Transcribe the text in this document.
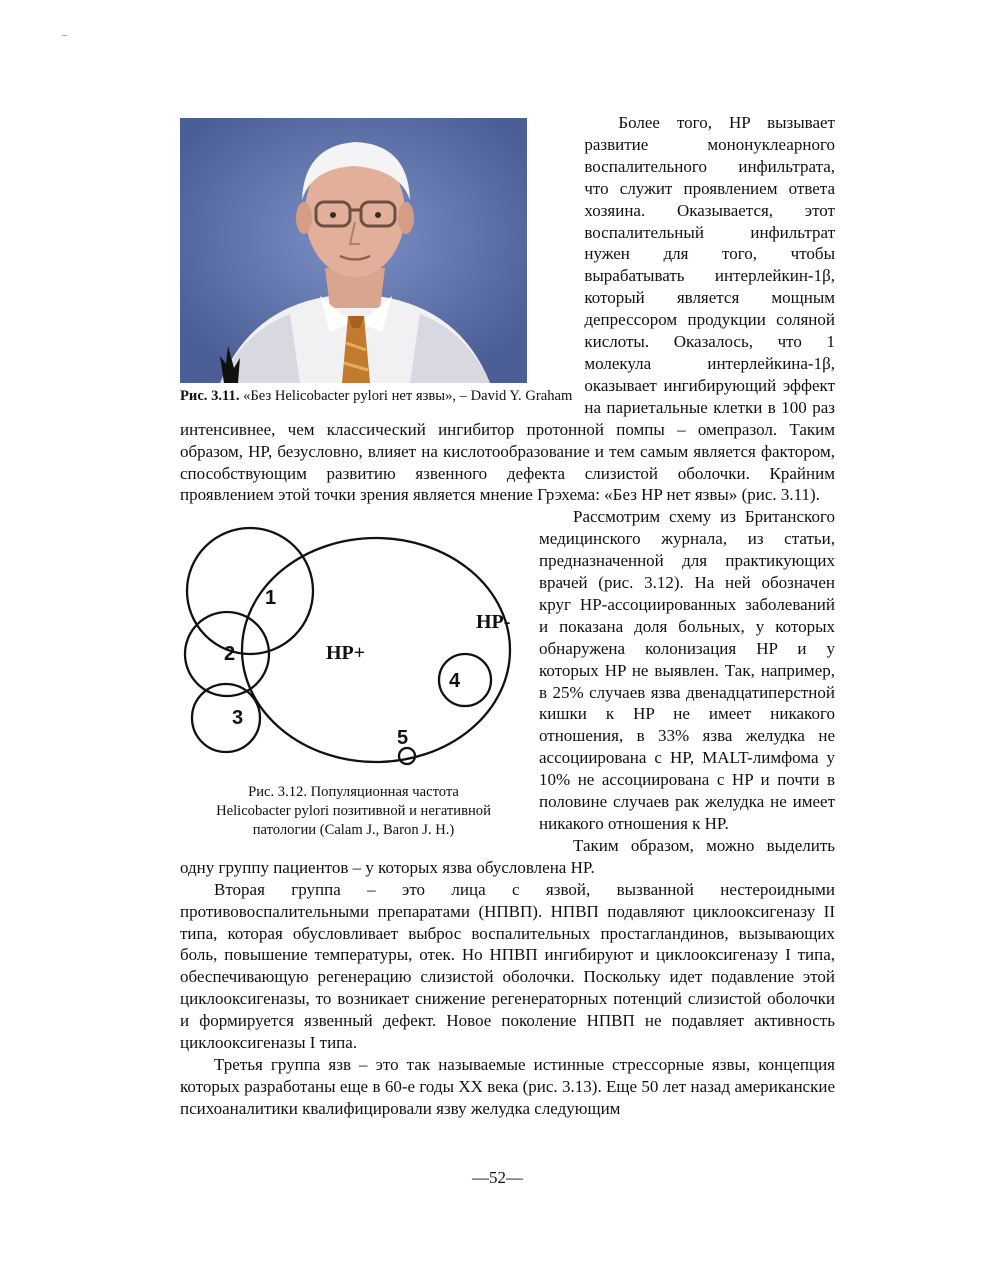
–
Рис. 3.11. «Без Helicobacter pylori нет язвы», – David Y. Graham

Более того, HP вызывает развитие мононуклеарного воспалительного инфильтрата, что служит проявлением ответа хозяина. Оказывается, этот воспалительный инфильтрат нужен для того, чтобы вырабатывать интерлейкин-1β, который является мощным депрессором продукции соляной кислоты. Оказалось, что 1 молекула интерлейкина-1β, оказывает ингибирующий эффект на париетальные клетки в 100 раз интенсивнее, чем классический ингибитор протонной помпы – омепразол. Таким образом, HP, безусловно, влияет на кислотообразование и тем самым является фактором, способствующим развитию язвенного дефекта слизистой оболочки. Крайним проявлением этой точки зрения является мнение Грэхема: «Без HP нет язвы» (рис. 3.11).

1
2
3
4
5
HP+
Рис. 3.12. Популяционная частота Helicobacter pylori позитивной и негативной патологии (Calam J., Baron J. H.)

Рассмотрим схему из Британского медицинского журнала, из статьи, предназначенной для практикующих врачей (рис. 3.12). На ней обозначен круг HP-ассоциированных заболеваний и показана доля больных, у которых обнаружена колонизация HP и у которых HP не выявлен. Так, например, в 25% случаев язва двенадцатиперстной кишки к HP не имеет никакого отношения, в 33% язва желудка не ассоциирована с HP, MALT-лимфома у 10% не ассоциирована с HP и почти в половине случаев рак желудка не имеет никакого отношения к HP.

Таким образом, можно выделить одну группу пациентов – у которых язва обусловлена HP.

Вторая группа – это лица с язвой, вызванной нестероидными противовоспалительными препаратами (НПВП). НПВП подавляют циклооксигеназу II типа, которая обусловливает выброс воспалительных простагландинов, вызывающих боль, повышение температуры, отек. Но НПВП ингибируют и циклооксигеназу I типа, обеспечивающую регенерацию слизистой оболочки. Поскольку идет подавление этой циклооксигеназы, то возникает снижение регенераторных потенций слизистой оболочки и формируется язвенный дефект. Новое поколение НПВП не подавляет активность циклооксигеназы I типа.

Третья группа язв – это так называемые истинные стрессорные язвы, концепция которых разработаны еще в 60-е годы XX века (рис. 3.13). Еще 50 лет назад американские психоаналитики квалифицировали язву желудка следующим

HP-
—52—
